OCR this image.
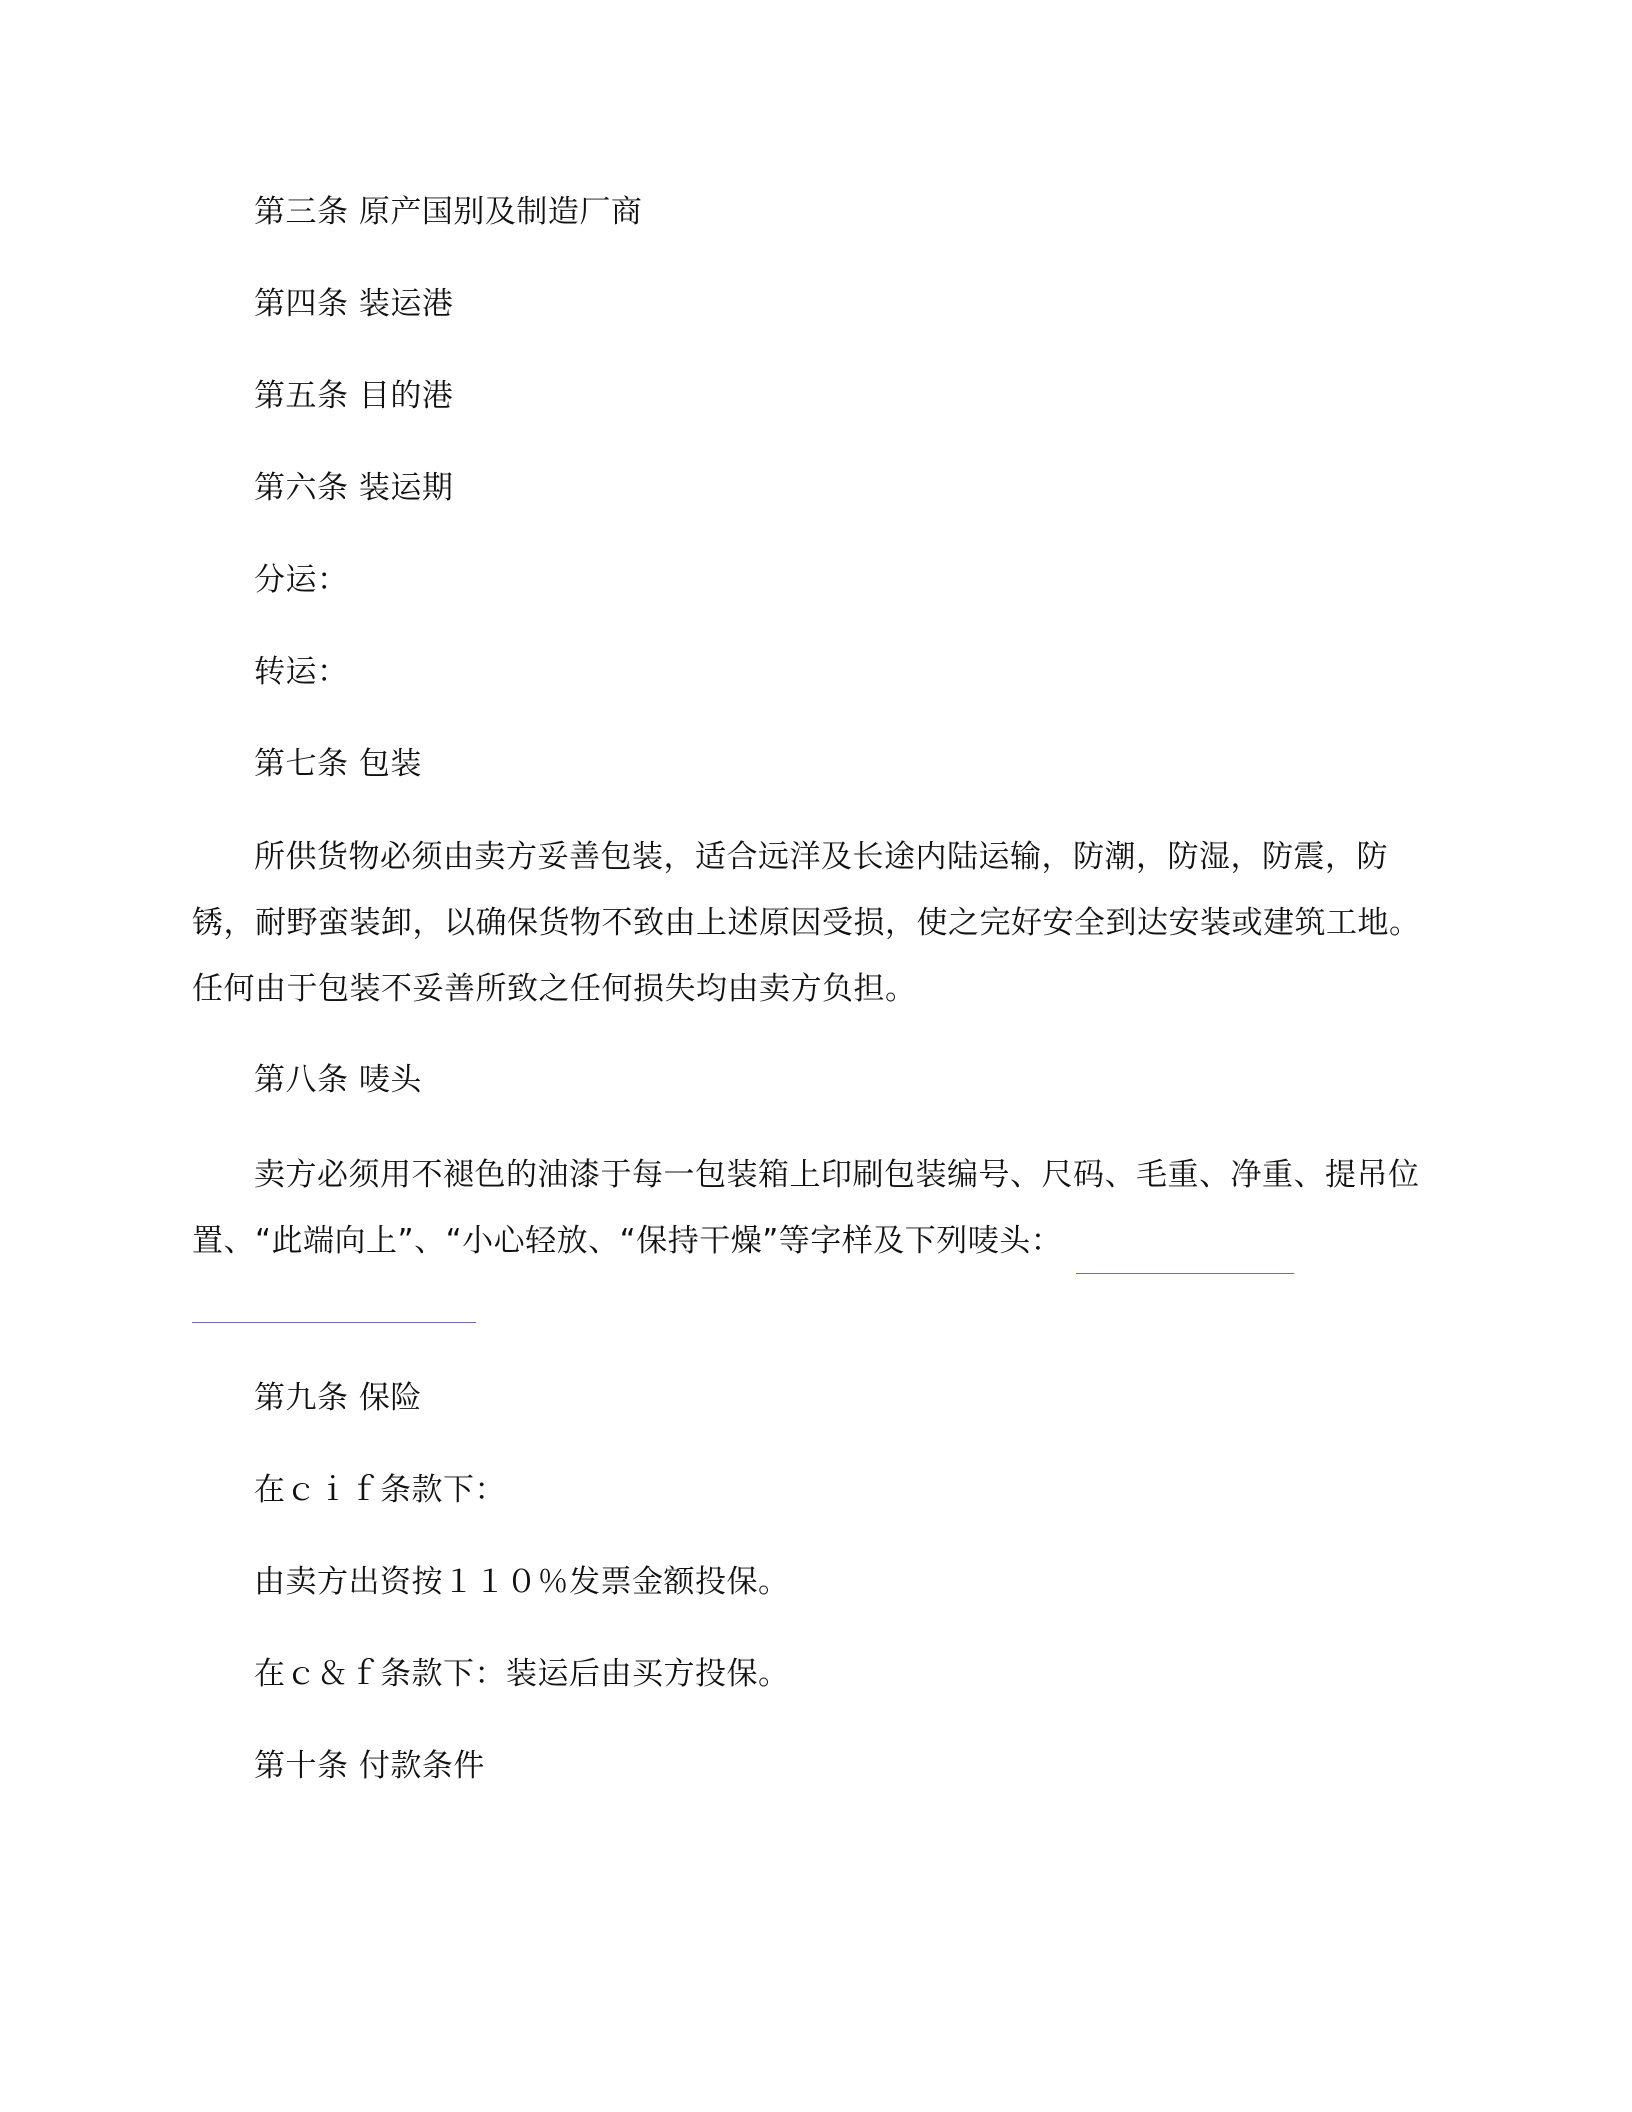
第三条 原产国别及制造厂商
第四条 装运港
第五条 目的港
第六条 装运期
分运：
转运：
第七条 包装
所供货物必须由卖方妥善包装，适合远洋及长途内陆运输，防潮，防湿，防震，防锈，耐野蛮装卸，以确保货物不致由上述原因受损，使之完好安全到达安装或建筑工地。任何由于包装不妥善所致之任何损失均由卖方负担。
第八条 唛头
卖方必须用不褪色的油漆于每一包装箱上印刷包装编号、尺码、毛重、净重、提吊位置、“此端向上”、“小心轻放、“保持干燥”等字样及下列唛头：
第九条 保险
在ｃｉｆ条款下：
由卖方出资按１１０％发票金额投保。
在ｃ＆ｆ条款下：装运后由买方投保。
第十条 付款条件
